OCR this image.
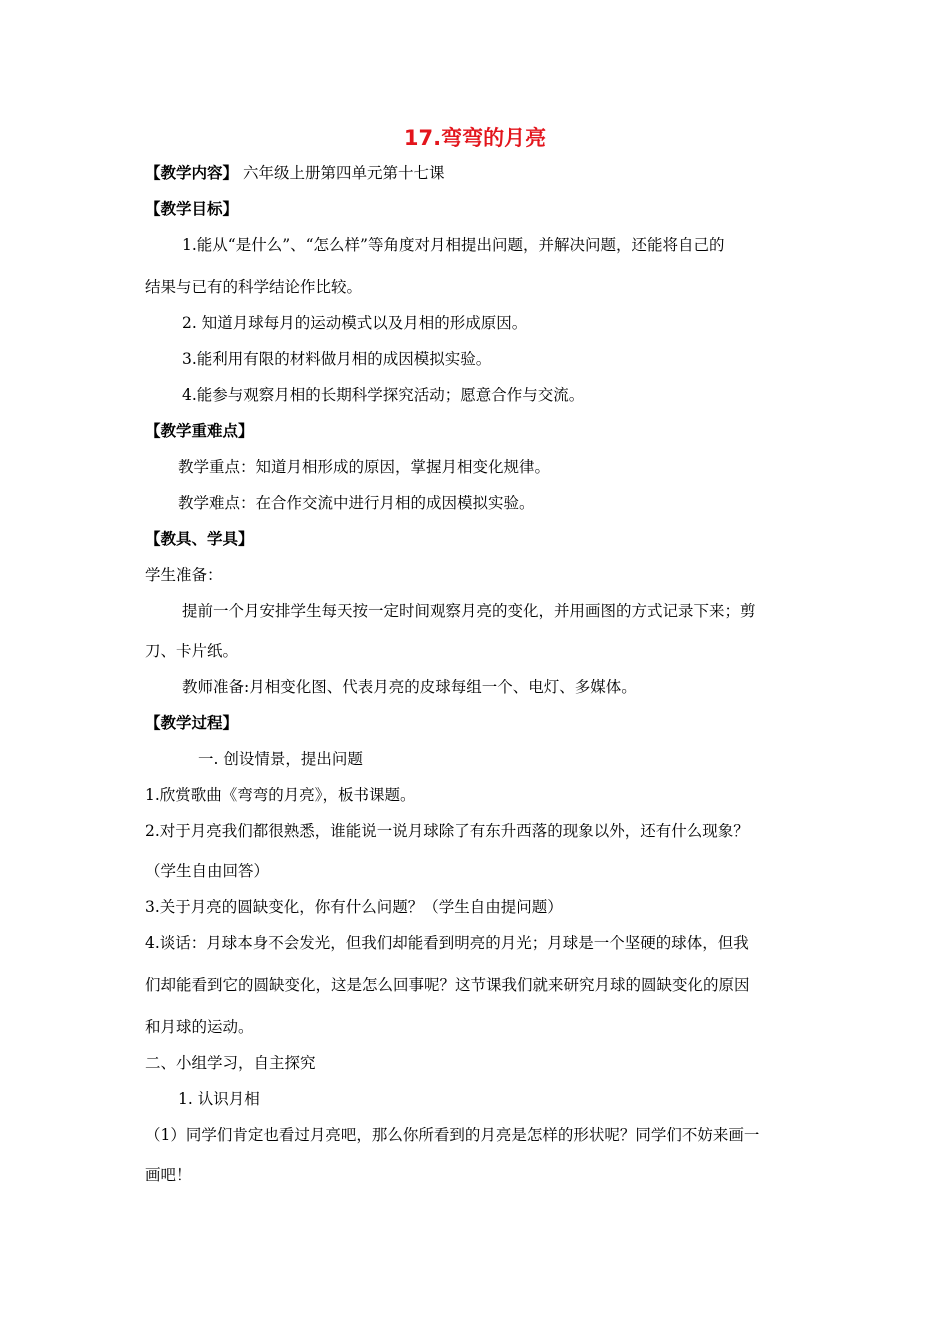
17.弯弯的月亮
【教学内容】 六年级上册第四单元第十七课
【教学目标】
1.能从“是什么”、“怎么样”等角度对月相提出问题，并解决问题，还能将自己的
结果与已有的科学结论作比较。
2. 知道月球每月的运动模式以及月相的形成原因。
3.能利用有限的材料做月相的成因模拟实验。
4.能参与观察月相的长期科学探究活动；愿意合作与交流。
【教学重难点】
教学重点：知道月相形成的原因，掌握月相变化规律。
教学难点：在合作交流中进行月相的成因模拟实验。
【教具、学具】
学生准备：
提前一个月安排学生每天按一定时间观察月亮的变化，并用画图的方式记录下来；剪
刀、卡片纸。
教师准备:月相变化图、代表月亮的皮球每组一个、电灯、多媒体。
【教学过程】
一. 创设情景，提出问题
1.欣赏歌曲《弯弯的月亮》，板书课题。
2.对于月亮我们都很熟悉，谁能说一说月球除了有东升西落的现象以外，还有什么现象？
（学生自由回答）
3.关于月亮的圆缺变化，你有什么问题？（学生自由提问题）
4.谈话：月球本身不会发光，但我们却能看到明亮的月光；月球是一个坚硬的球体，但我
们却能看到它的圆缺变化，这是怎么回事呢？这节课我们就来研究月球的圆缺变化的原因
和月球的运动。
二、小组学习，自主探究
1. 认识月相
（1）同学们肯定也看过月亮吧，那么你所看到的月亮是怎样的形状呢？同学们不妨来画一
画吧！
